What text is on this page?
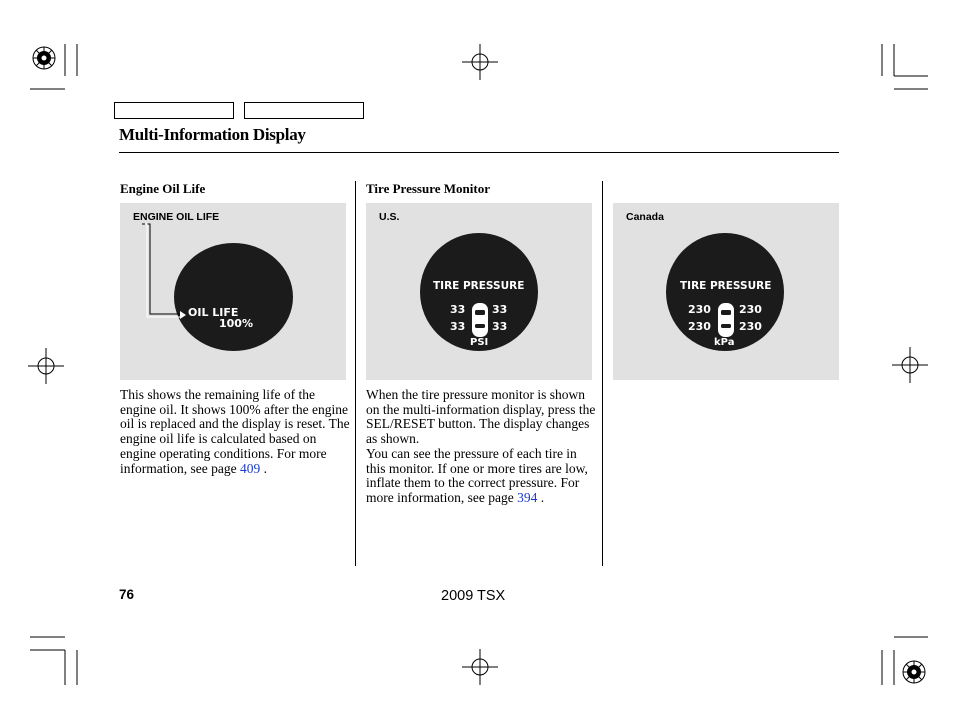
Multi-Information Display
Engine Oil Life
ENGINE OIL LIFE
OIL LIFE
100%

This shows the remaining life of the engine oil. It shows 100% after the engine oil is replaced and the display is reset. The engine oil life is calculated based on engine operating conditions. For more information, see page 409 .

Tire Pressure Monitor
U.S.
TIRE PRESSURE
33 33
33 33
PSI

When the tire pressure monitor is shown on the multi-information display, press the SEL/RESET button. The display changes as shown.

You can see the pressure of each tire in this monitor. If one or more tires are low, inflate them to the correct pressure. For more information, see page 394 .

Canada
TIRE PRESSURE
230	230
230	230
kPa
76	2009 TSX
